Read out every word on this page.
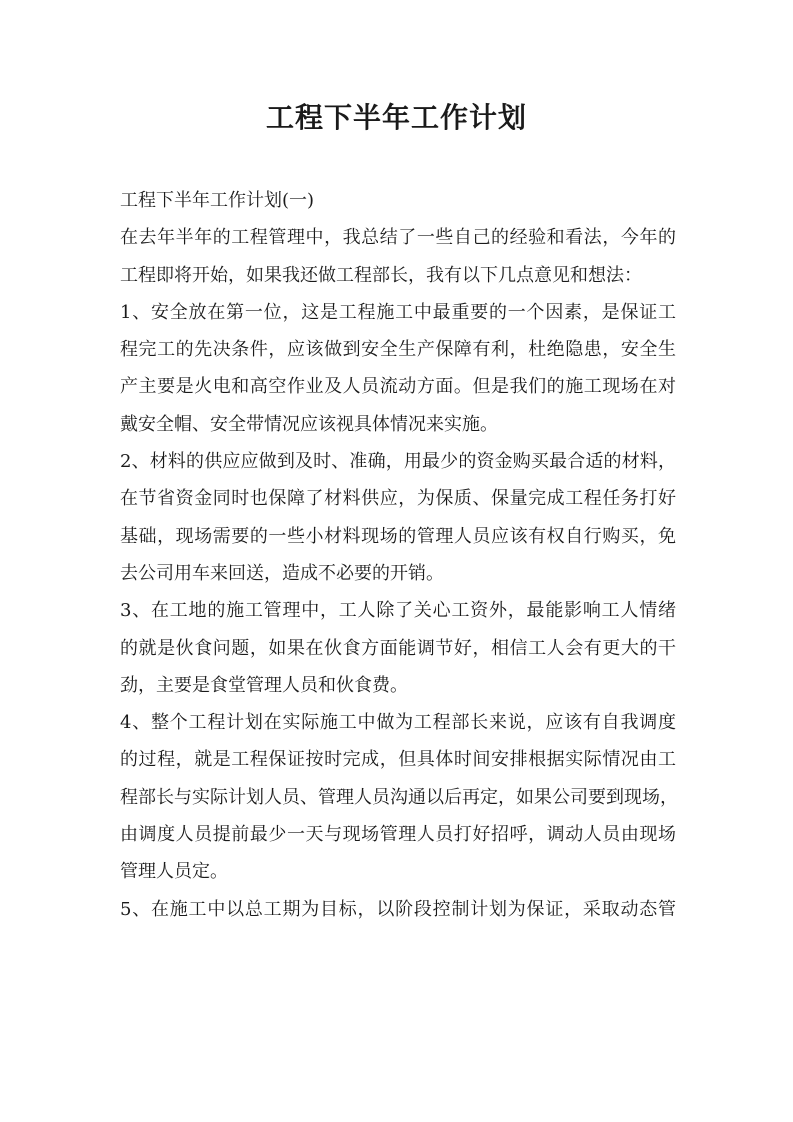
工程下半年工作计划
工程下半年工作计划(一)
在去年半年的工程管理中，我总结了一些自己的经验和看法，今年的
工程即将开始，如果我还做工程部长，我有以下几点意见和想法：
1、安全放在第一位，这是工程施工中最重要的一个因素，是保证工
程完工的先决条件，应该做到安全生产保障有利，杜绝隐患，安全生
产主要是火电和高空作业及人员流动方面。但是我们的施工现场在对
戴安全帽、安全带情况应该视具体情况来实施。
2、材料的供应应做到及时、准确，用最少的资金购买最合适的材料，
在节省资金同时也保障了材料供应，为保质、保量完成工程任务打好
基础，现场需要的一些小材料现场的管理人员应该有权自行购买，免
去公司用车来回送，造成不必要的开销。
3、在工地的施工管理中，工人除了关心工资外，最能影响工人情绪
的就是伙食问题，如果在伙食方面能调节好，相信工人会有更大的干
劲，主要是食堂管理人员和伙食费。
4、整个工程计划在实际施工中做为工程部长来说，应该有自我调度
的过程，就是工程保证按时完成，但具体时间安排根据实际情况由工
程部长与实际计划人员、管理人员沟通以后再定，如果公司要到现场，
由调度人员提前最少一天与现场管理人员打好招呼，调动人员由现场
管理人员定。
5、在施工中以总工期为目标，以阶段控制计划为保证，采取动态管
